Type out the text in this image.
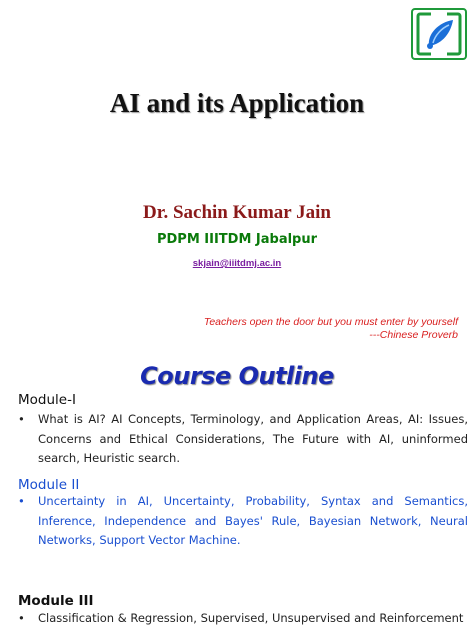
AI and its Application
Dr. Sachin Kumar Jain
PDPM IIITDM Jabalpur
skjain@iiitdmj.ac.in
Teachers open the door but you must enter by yourself
---Chinese Proverb
Course Outline
Module-I
•	What is AI? AI Concepts, Terminology, and Application Areas, AI: Issues, Concerns and Ethical Considerations, The Future with AI, uninformed search, Heuristic search.
Module II
•	Uncertainty in AI, Uncertainty, Probability, Syntax and Semantics, Inference, Independence and Bayes' Rule, Bayesian Network, Neural Networks, Support Vector Machine.
Module III
•	Classification & Regression, Supervised, Unsupervised and Reinforcement
